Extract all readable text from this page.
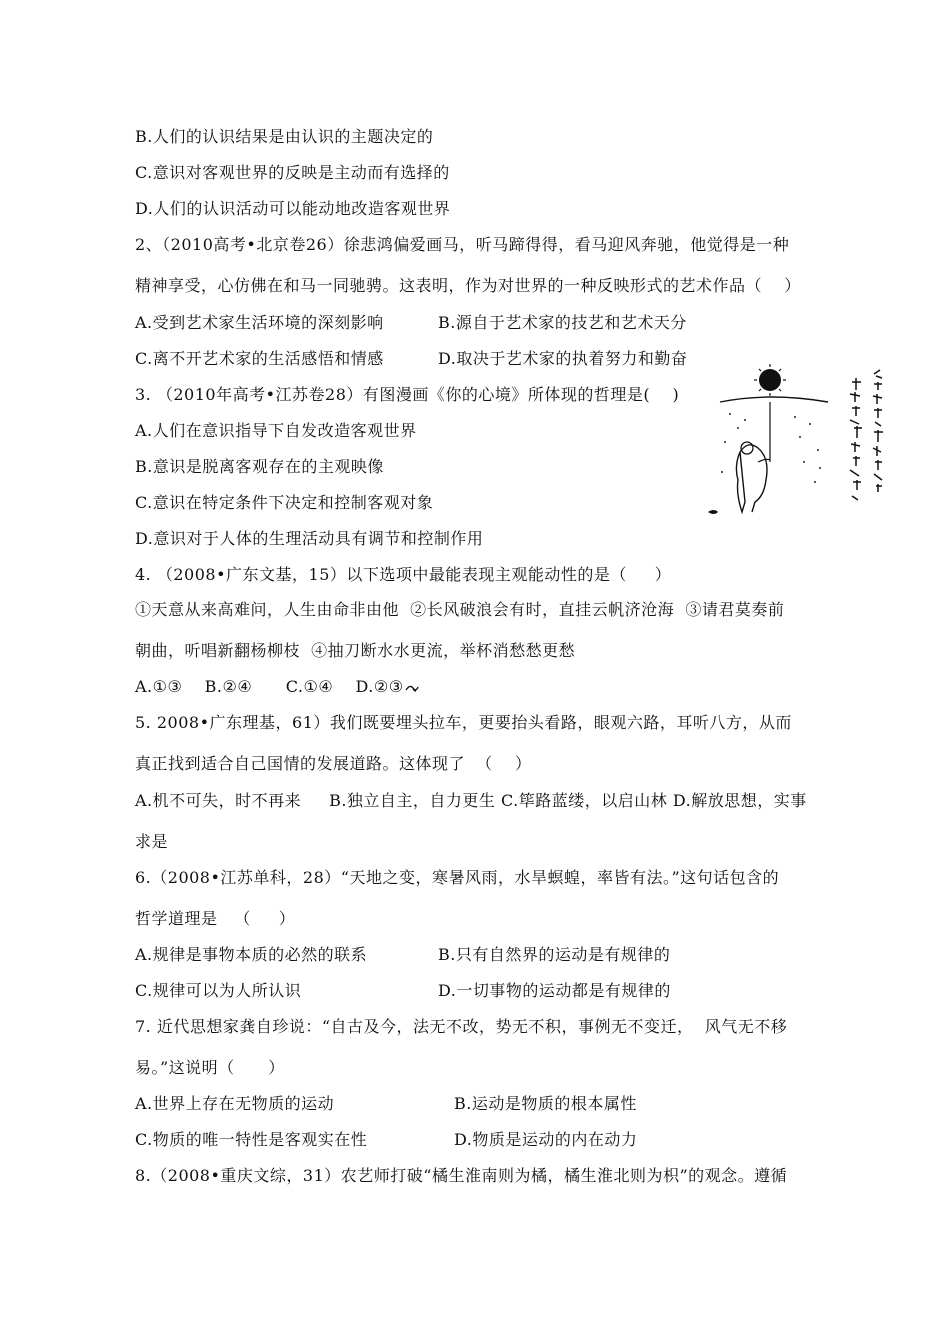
B.人们的认识结果是由认识的主题决定的
C.意识对客观世界的反映是主动而有选择的
D.人们的认识活动可以能动地改造客观世界
2、（2010高考•北京卷26）徐悲鸿偏爱画马，听马蹄得得，看马迎风奔驰，他觉得是一种
精神享受，心仿佛在和马一同驰骋。这表明，作为对世界的一种反映形式的艺术作品（    ）
A.受到艺术家生活环境的深刻影响	B.源自于艺术家的技艺和艺术天分
C.离不开艺术家的生活感悟和情感	D.取决于艺术家的执着努力和勤奋
3. （2010年高考•江苏卷28）有图漫画《你的心境》所体现的哲理是(    )
A.人们在意识指导下自发改造客观世界
B.意识是脱离客观存在的主观映像
C.意识在特定条件下决定和控制客观对象
D.意识对于人体的生理活动具有调节和控制作用
4. （2008•广东文基，15）以下选项中最能表现主观能动性的是（     ）
①天意从来高难问，人生由命非由他  ②长风破浪会有时，直挂云帆济沧海  ③请君莫奏前
朝曲，听唱新翻杨柳枝  ④抽刀断水水更流，举杯消愁愁更愁
A.①③    B.②④      C.①④    D.②③
5. 2008•广东理基，61）我们既要埋头拉车，更要抬头看路，眼观六路，耳听八方，从而
真正找到适合自己国情的发展道路。这体现了  （    ）
A.机不可失，时不再来     B.独立自主，自力更生 C.筚路蓝缕，以启山林 D.解放思想，实事
求是
6.（2008•江苏单科，28）“天地之变，寒暑风雨，水旱螟蝗，率皆有法。”这句话包含的
哲学道理是   （     ）
A.规律是事物本质的必然的联系	B.只有自然界的运动是有规律的
C.规律可以为人所认识	D.一切事物的运动都是有规律的
7. 近代思想家龚自珍说：“自古及今，法无不改，势无不积，事例无不变迁，  风气无不移
易。”这说明（      ）
A.世界上存在无物质的运动	B.运动是物质的根本属性
C.物质的唯一特性是客观实在性	D.物质是运动的内在动力
8.（2008•重庆文综，31）农艺师打破“橘生淮南则为橘，橘生淮北则为枳”的观念。遵循
